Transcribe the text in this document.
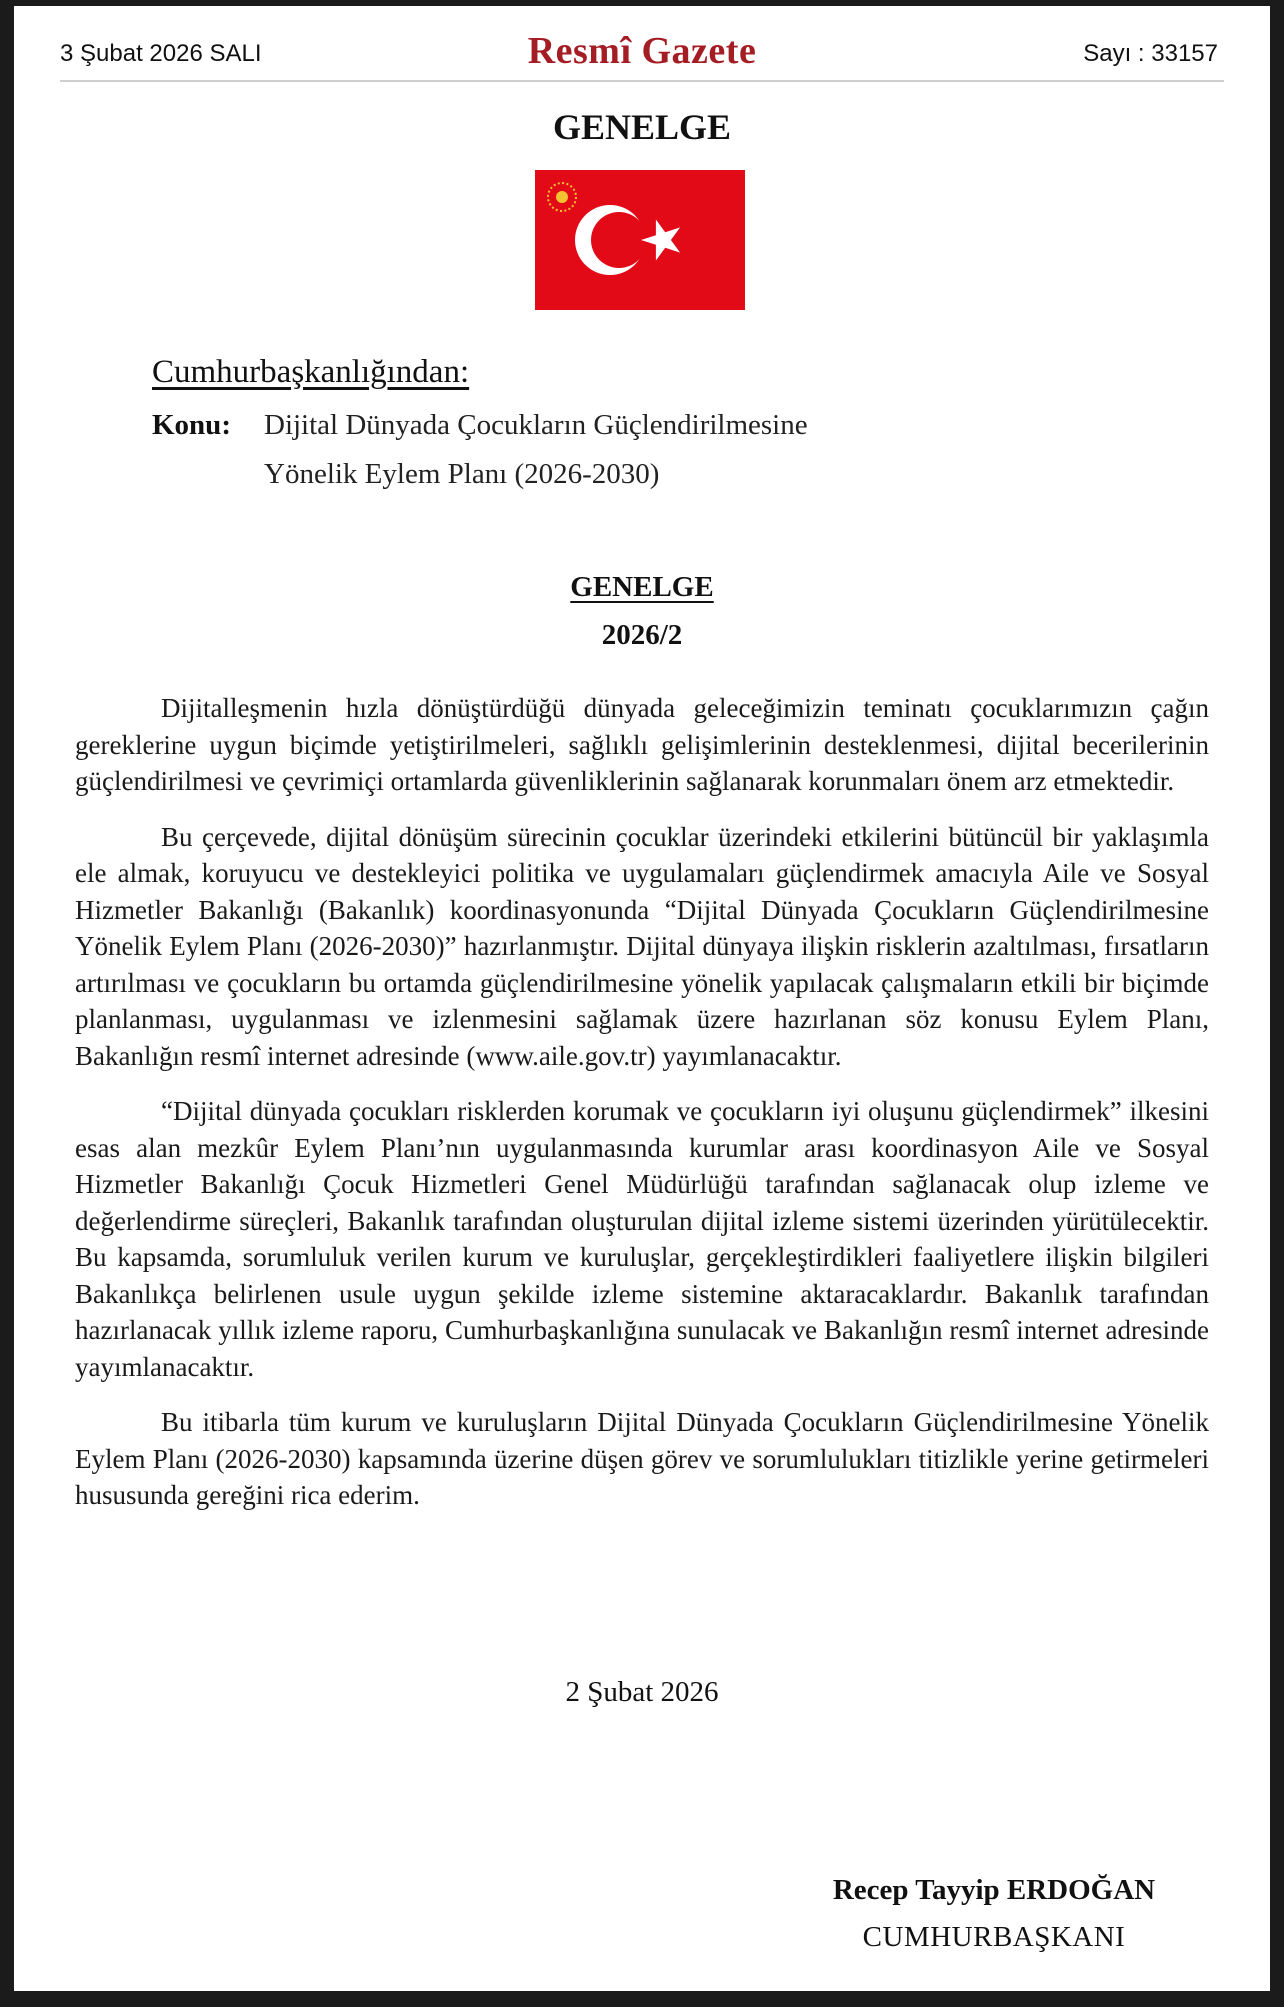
3 Şubat 2026 SALI	Resmî Gazete	Sayı : 33157
GENELGE
Cumhurbaşkanlığından:
Konu: Dijital Dünyada Çocukların Güçlendirilmesine
Yönelik Eylem Planı (2026-2030)
GENELGE
2026/2

Dijitalleşmenin hızla dönüştürdüğü dünyada geleceğimizin teminatı çocuklarımızın çağın gereklerine uygun biçimde yetiştirilmeleri, sağlıklı gelişimlerinin desteklenmesi, dijital becerilerinin güçlendirilmesi ve çevrimiçi ortamlarda güvenliklerinin sağlanarak korunmaları önem arz etmektedir.

Bu çerçevede, dijital dönüşüm sürecinin çocuklar üzerindeki etkilerini bütüncül bir yaklaşımla ele almak, koruyucu ve destekleyici politika ve uygulamaları güçlendirmek amacıyla Aile ve Sosyal Hizmetler Bakanlığı (Bakanlık) koordinasyonunda “Dijital Dünyada Çocukların Güçlendirilmesine Yönelik Eylem Planı (2026-2030)” hazırlanmıştır. Dijital dünyaya ilişkin risklerin azaltılması, fırsatların artırılması ve çocukların bu ortamda güçlendirilmesine yönelik yapılacak çalışmaların etkili bir biçimde planlanması, uygulanması ve izlenmesini sağlamak üzere hazırlanan söz konusu Eylem Planı, Bakanlığın resmî internet adresinde (www.aile.gov.tr) yayımlanacaktır.

“Dijital dünyada çocukları risklerden korumak ve çocukların iyi oluşunu güçlendirmek” ilkesini esas alan mezkûr Eylem Planı’nın uygulanmasında kurumlar arası koordinasyon Aile ve Sosyal Hizmetler Bakanlığı Çocuk Hizmetleri Genel Müdürlüğü tarafından sağlanacak olup izleme ve değerlendirme süreçleri, Bakanlık tarafından oluşturulan dijital izleme sistemi üzerinden yürütülecektir. Bu kapsamda, sorumluluk verilen kurum ve kuruluşlar, gerçekleştirdikleri faaliyetlere ilişkin bilgileri Bakanlıkça belirlenen usule uygun şekilde izleme sistemine aktaracaklardır. Bakanlık tarafından hazırlanacak yıllık izleme raporu, Cumhurbaşkanlığına sunulacak ve Bakanlığın resmî internet adresinde yayımlanacaktır.

Bu itibarla tüm kurum ve kuruluşların Dijital Dünyada Çocukların Güçlendirilmesine Yönelik Eylem Planı (2026-2030) kapsamında üzerine düşen görev ve sorumlulukları titizlikle yerine getirmeleri hususunda gereğini rica ederim.

2 Şubat 2026
Recep Tayyip ERDOĞAN
CUMHURBAŞKANI
